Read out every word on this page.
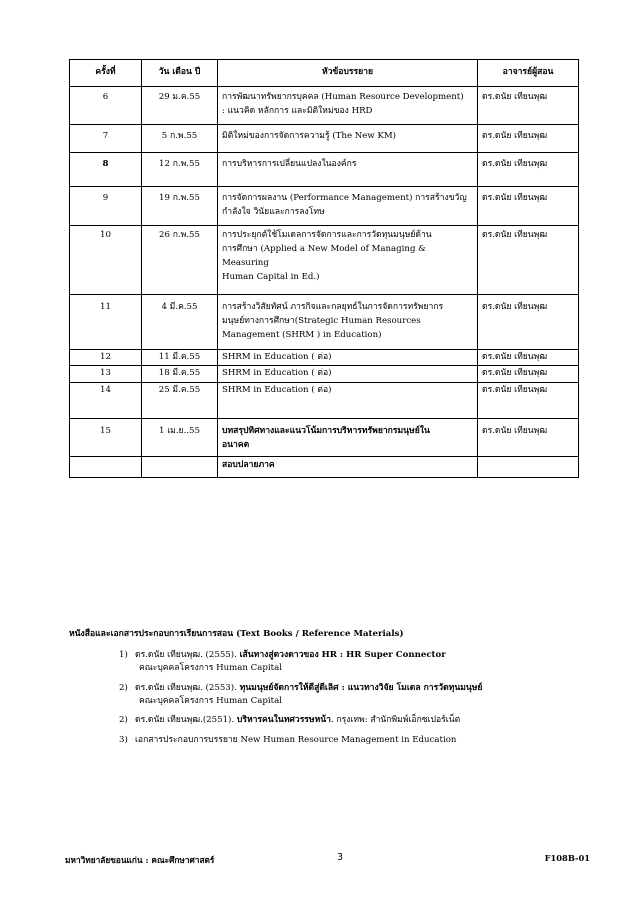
ครั้งที่	วัน เดือน ปี	หัวข้อบรรยาย	อาจารย์ผู้สอน
6	29 ม.ค.55	การพัฒนาทรัพยากรบุคคล (Human Resource Development)
: แนวคิด หลักการ และมิติใหม่ของ HRD	ดร.ดนัย เทียนพุฒ
7	5 ก.พ.55	มิติใหม่ของการจัดการความรู้ (The New KM)	ดร.ดนัย เทียนพุฒ
8	12 ก.พ.55	การบริหารการเปลี่ยนแปลงในองค์กร	ดร.ดนัย เทียนพุฒ
9	19 ก.พ.55	การจัดการผลงาน (Performance Management) การสร้างขวัญ
กำลังใจ วินัยและการลงโทษ	ดร.ดนัย เทียนพุฒ
10	26 ก.พ.55	การประยุกต์ใช้โมเดลการจัดการและการวัดทุนมนุษย์ด้าน
การศึกษา (Applied a New Model of Managing & Measuring
Human Capital in Ed.)	ดร.ดนัย เทียนพุฒ
11	4 มี.ค.55	การสร้างวิสัยทัศน์ ภารกิจและกลยุทธ์ในการจัดการทรัพยากร
มนุษย์ทางการศึกษา(Strategic Human Resources
Management (SHRM ) in Education)	ดร.ดนัย เทียนพุฒ
12	11 มี.ค.55	SHRM in Education ( ต่อ)	ดร.ดนัย เทียนพุฒ
13	18 มี.ค.55	SHRM in Education ( ต่อ)	ดร.ดนัย เทียนพุฒ
14	25 มี.ค.55	SHRM in Education ( ต่อ)	ดร.ดนัย เทียนพุฒ
15	1 เม.ย..55	บทสรุปทิศทางและแนวโน้มการบริหารทรัพยากรมนุษย์ใน
อนาคต	ดร.ดนัย เทียนพุฒ
		สอบปลายภาค	
หนังสือและเอกสารประกอบการเรียนการสอน (Text Books / Reference Materials)
1) ดร.ดนัย เทียนพุฒ. (2555). เส้นทางสู่ดวงดาวของ HR : HR Super Connector
คณะบุคคลโครงการ Human Capital
2) ดร.ดนัย เทียนพุฒ. (2553). ทุนมนุษย์จัดการให้ดีสู่ดีเลิศ : แนวทางวิจัย โมเดล การวัดทุนมนุษย์
คณะบุคคลโครงการ Human Capital
2) ดร.ดนัย เทียนพุฒ.(2551). บริหารคนในทศวรรษหน้า. กรุงเทพ: สำนักพิมพ์เอ็กซเปอร์เน็ต
3) เอกสารประกอบการบรรยาย New Human Resource Management in Education
มหาวิทยาลัยขอนแก่น : คณะศึกษาศาสตร์	3	F108B-01
